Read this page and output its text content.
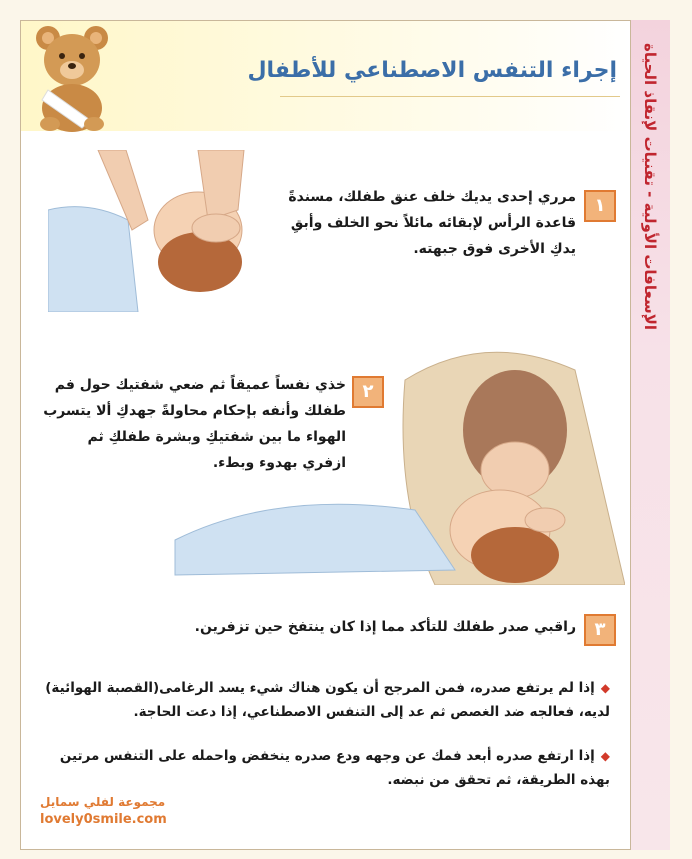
الإسعافات الأولية - تقنيات لإنقاذ الحياة
إجراء التنفس الاصطناعي للأطفال
١
مرري إحدى يديك خلف عنق طفلك، مسندةً قاعدة الرأس لإبقائه مائلاً نحو الخلف وأبقِ يدكِ الأخرى فوق جبهته.
٢
خذي نفساً عميقاً ثم ضعي شفتيك حول فم طفلك وأنفه بإحكام محاولةً جهدكِ ألا يتسرب الهواء ما بين شفتيكِ وبشرة طفلكِ ثم ازفري بهدوء وبطء.
٣
راقبي صدر طفلك للتأكد مما إذا كان ينتفخ حين تزفرين.
◆إذا لم يرتفع صدره، فمن المرجح أن يكون هناك شيء يسد الرغامى(القصبة الهوائية) لديه، فعالجه ضد الغصص ثم عد إلى التنفس الاصطناعي، إذا دعت الحاجة.
◆إذا ارتفع صدره أبعد فمك عن وجهه ودع صدره ينخفض واحمله على التنفس مرتين بهذه الطريقة، ثم تحقق من نبضه.
مجموعة لفلي سمايل
lovely0smile.com
